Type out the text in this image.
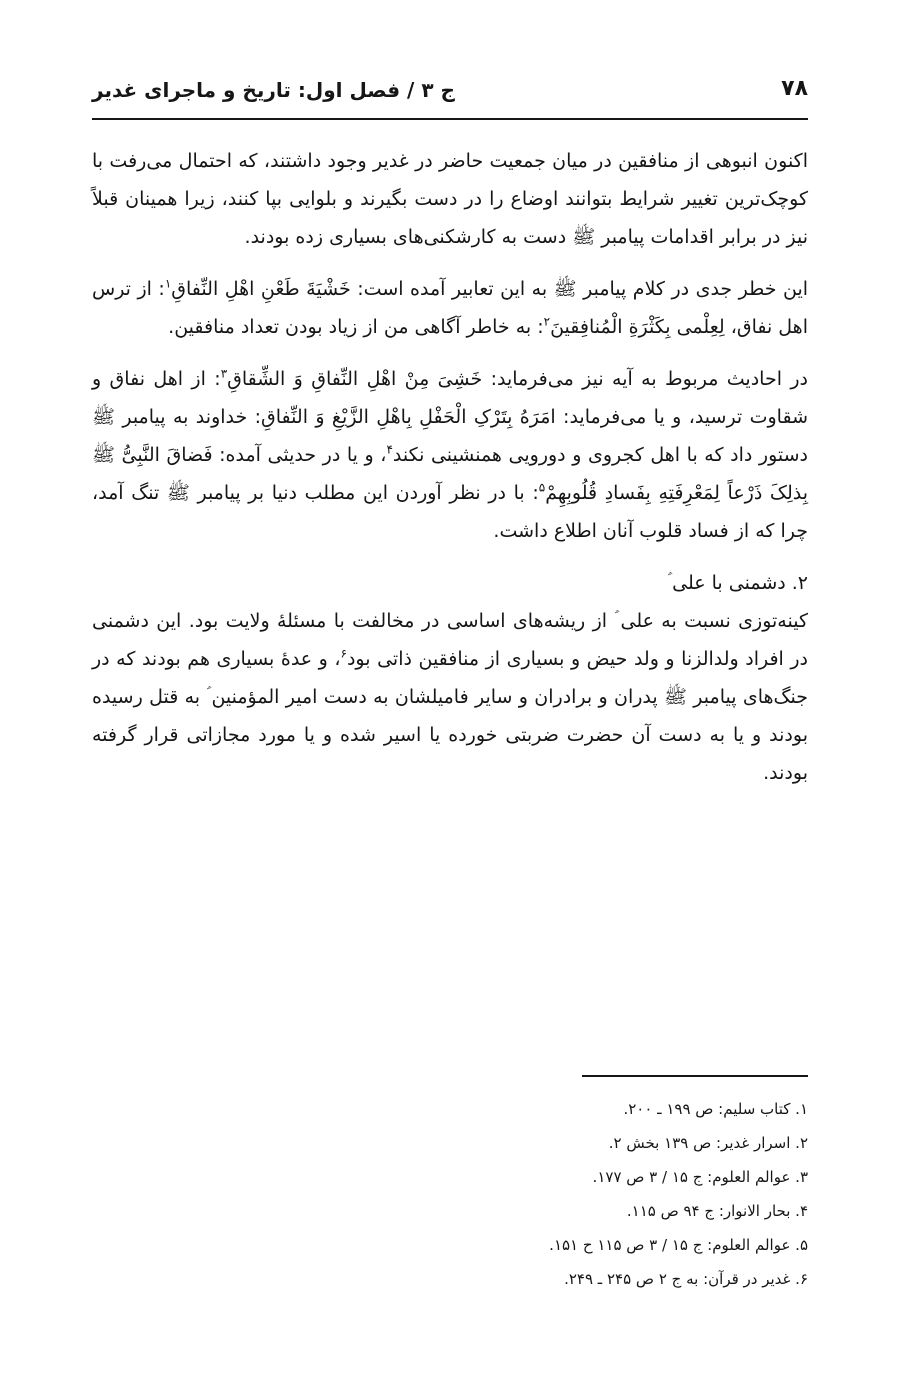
۷۸
ج ۳ / فصل اول: تاریخ و ماجرای غدیر

اکنون انبوهی از منافقین در میان جمعیت حاضر در غدیر وجود داشتند، که احتمال می‌رفت با کوچک‌ترین تغییر شرایط بتوانند اوضاع را در دست بگیرند و بلوایی بپا کنند، زیرا همینان قبلاً نیز در برابر اقدامات پیامبر ﷺ دست به کارشکنی‌های بسیاری زده بودند.

این خطر جدی در کلام پیامبر ﷺ به این تعابیر آمده است: خَشْیَةَ طَعْنِ اهْلِ النِّفاقِ$^۱$: از ترس اهل نفاق، لِعِلْمی بِکَثْرَةِ الْمُنافِقینَ$^۲$: به خاطر آگاهی من از زیاد بودن تعداد منافقین.

در احادیث مربوط به آیه نیز می‌فرماید: خَشِیَ مِنْ اهْلِ النِّفاقِ وَ الشِّقاقِ$^۳$: از اهل نفاق و شقاوت ترسید، و یا می‌فرماید: امَرَهُ بِتَرْکِ الْحَفْلِ بِاهْلِ الزَّیْغِ وَ النِّفاقِ: خداوند به پیامبر ﷺ دستور داد که با اهل کجروی و دورویی همنشینی نکند$^۴$، و یا در حدیثی آمده: فَضاقَ النَّبِیُّ ﷺ بِذلِکَ ذَرْعاً لِمَعْرِفَتِهِ بِفَسادِ قُلُوبِهِمْ$^۵$: با در نظر آوردن این مطلب دنیا بر پیامبر ﷺ تنگ آمد، چرا که از فساد قلوب آنان اطلاع داشت.

۲. دشمنی با علی ؑ

کینه‌توزی نسبت به علی ؑ از ریشه‌های اساسی در مخالفت با مسئلهٔ ولایت بود. این دشمنی در افراد ولدالزنا و ولد حیض و بسیاری از منافقین ذاتی بود$^۶$، و عدهٔ بسیاری هم بودند که در جنگ‌های پیامبر ﷺ پدران و برادران و سایر فامیلشان به دست امیر المؤمنین ؑ به قتل رسیده بودند و یا به دست آن حضرت ضربتی خورده یا اسیر شده و یا مورد مجازاتی قرار گرفته بودند.

۱. کتاب سلیم: ص ۱۹۹ ـ ۲۰۰.
۲. اسرار غدیر: ص ۱۳۹ بخش ۲.
۳. عوالم العلوم: ج ۱۵ / ۳ ص ۱۷۷.
۴. بحار الانوار: ج ۹۴ ص ۱۱۵.
۵. عوالم العلوم: ج ۱۵ / ۳ ص ۱۱۵ ح ۱۵۱.
۶. غدیر در قرآن: به ج ۲ ص ۲۴۵ ـ ۲۴۹.
